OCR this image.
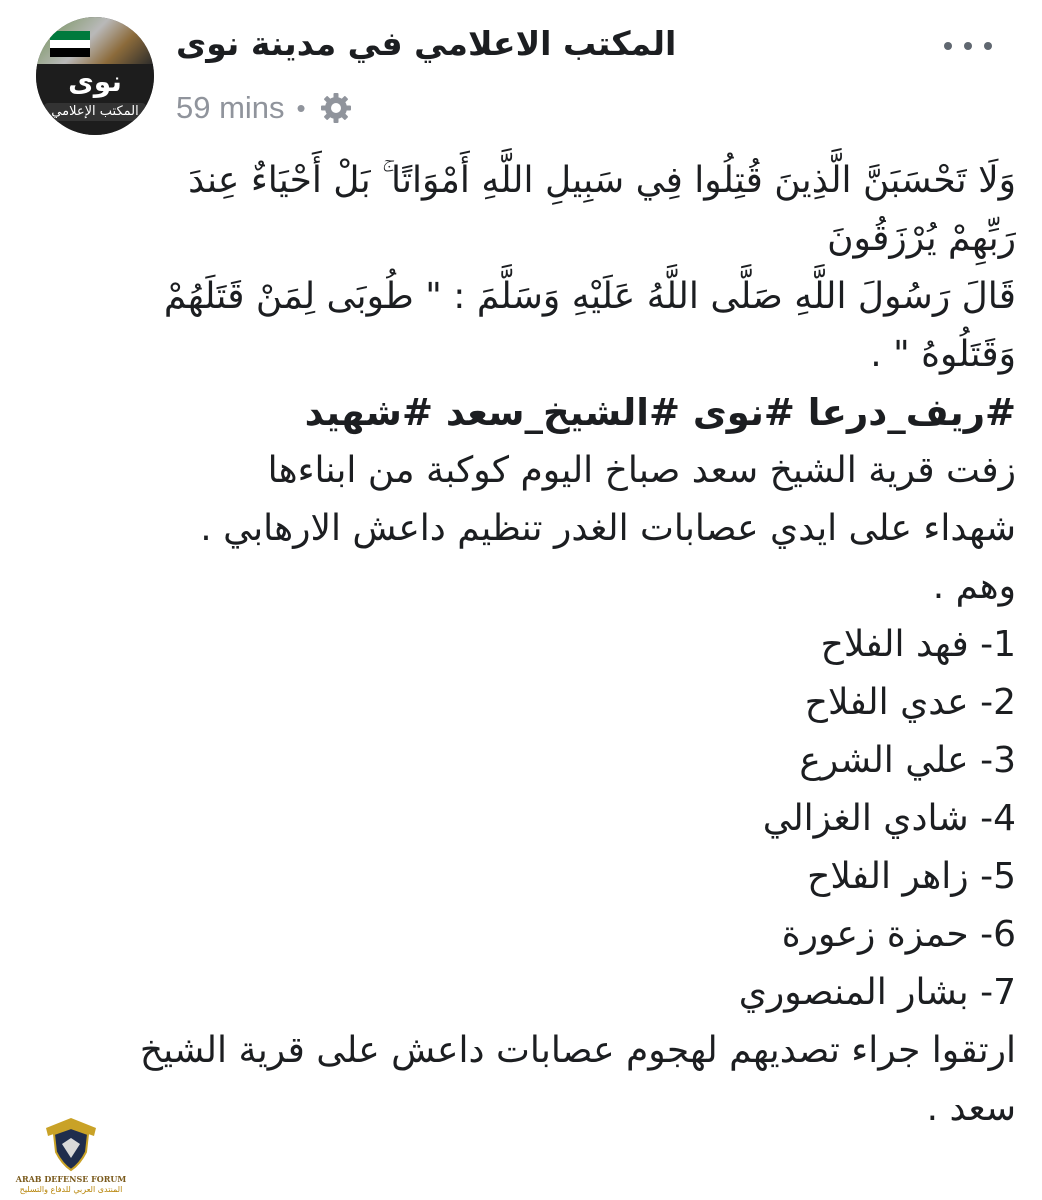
نوى
المكتب الإعلامي
المكتب الاعلامي في مدينة نوى
59 mins •

وَلَا تَحْسَبَنَّ الَّذِينَ قُتِلُوا فِي سَبِيلِ اللَّهِ أَمْوَاتًا ۚ بَلْ أَحْيَاءٌ عِندَ

رَبِّهِمْ يُرْزَقُونَ

قَالَ رَسُولَ اللَّهِ صَلَّى اللَّهُ عَلَيْهِ وَسَلَّمَ : " طُوبَى لِمَنْ قَتَلَهُمْ

وَقَتَلُوهُ " .

#ريف_درعا #نوى #الشيخ_سعد #شهيد

زفت قرية الشيخ سعد صباخ اليوم كوكبة من ابناءها

شهداء على ايدي عصابات الغدر تنظيم داعش الارهابي .

وهم .

1- فهد الفلاح
2- عدي الفلاح
3- علي الشرع
4- شادي الغزالي
5- زاهر الفلاح
6- حمزة زعورة
7- بشار المنصوري

ارتقوا جراء تصديهم لهجوم عصابات داعش على قرية الشيخ

سعد .

ARAB DEFENSE FORUM
المنتدى العربي للدفاع والتسليح
